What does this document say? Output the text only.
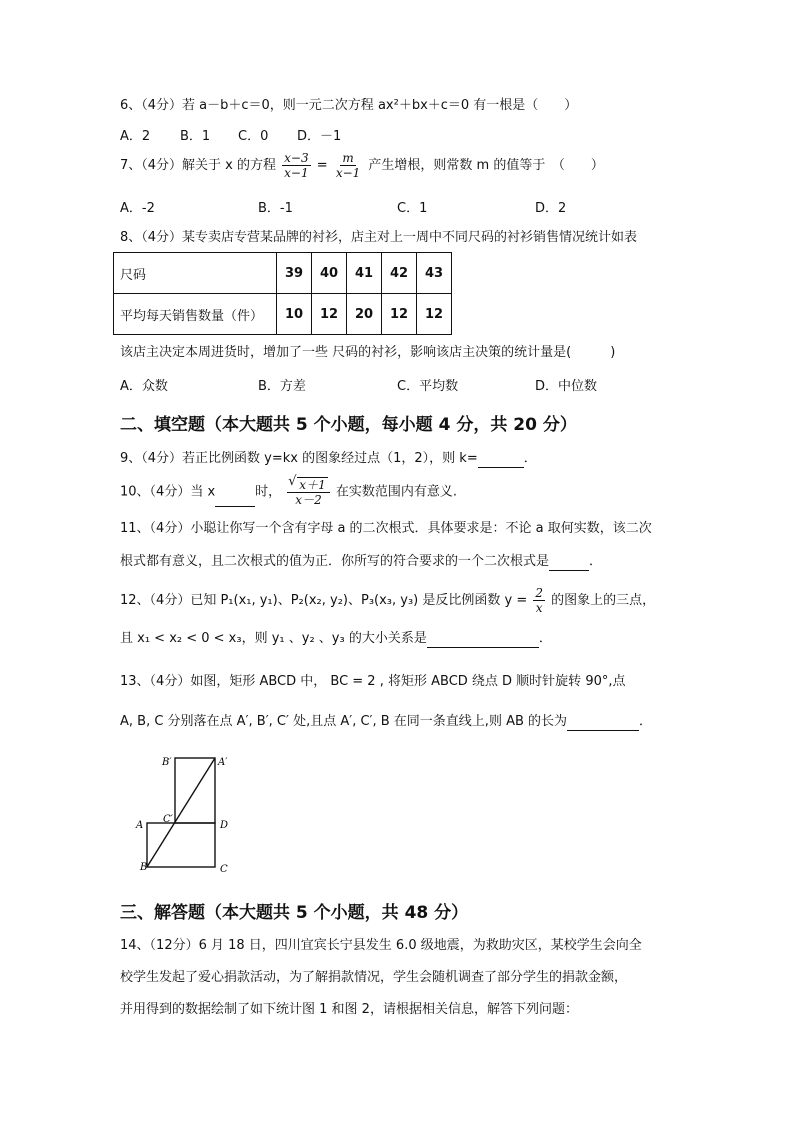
6、（4分）若 a－b＋c＝0，则一元二次方程 ax²＋bx＋c＝0 有一根是（　　）
A．2 B．1 C．0 D．－1
7、（4分）解关于 x 的方程 $\frac{x-3}{x-1} = \frac{m}{x-1}$ 产生增根，则常数 m 的值等于　（　　）
A．-2	B．-1	C．1	D．2
8、（4分）某专卖店专营某品牌的衬衫，店主对上一周中不同尺码的衬衫销售情况统计如表
尺码	39	40	41	42	43
平均每天销售数量（件）	10	12	20	12	12
该店主决定本周进货时，增加了一些 尺码的衬衫，影响该店主决策的统计量是(　　　)
A．众数	B．方差	C．平均数	D．中位数
二、填空题（本大题共 5 个小题，每小题 4 分，共 20 分）
9、（4分）若正比例函数 y=kx 的图象经过点（1，2），则 k=	．
10、（4分）当 x	时， √ $\frac{x+1}{x-2}$ 在实数范围内有意义.
11、（4分）小聪让你写一个含有字母 a 的二次根式．具体要求是：不论 a 取何实数，该二次
根式都有意义，且二次根式的值为正．你所写的符合要求的一个二次根式是	．
12、（4分）已知 P₁(x₁, y₁)、P₂(x₂, y₂)、P₃(x₃, y₃) 是反比例函数 $y = \frac{2}{x}$ 的图象上的三点，
且 x₁ < x₂ < 0 < x₃，则 y₁ 、y₂ 、y₃ 的大小关系是	．
13、（4分）如图，矩形 ABCD 中， BC = 2 , 将矩形 ABCD 绕点 D 顺时针旋转 90°,点
A, B, C 分别落在点 A′, B′, C′ 处,且点 A′, C′, B 在同一条直线上,则 AB 的长为	．
B′	A′
C′
A	D
B	C
三、解答题（本大题共 5 个小题，共 48 分）
14、（12分）6 月 18 日，四川宜宾长宁县发生 6.0 级地震，为救助灾区，某校学生会向全
校学生发起了爱心捐款活动，为了解捐款情况，学生会随机调查了部分学生的捐款金额，
并用得到的数据绘制了如下统计图 1 和图 2，请根据相关信息，解答下列问题：
